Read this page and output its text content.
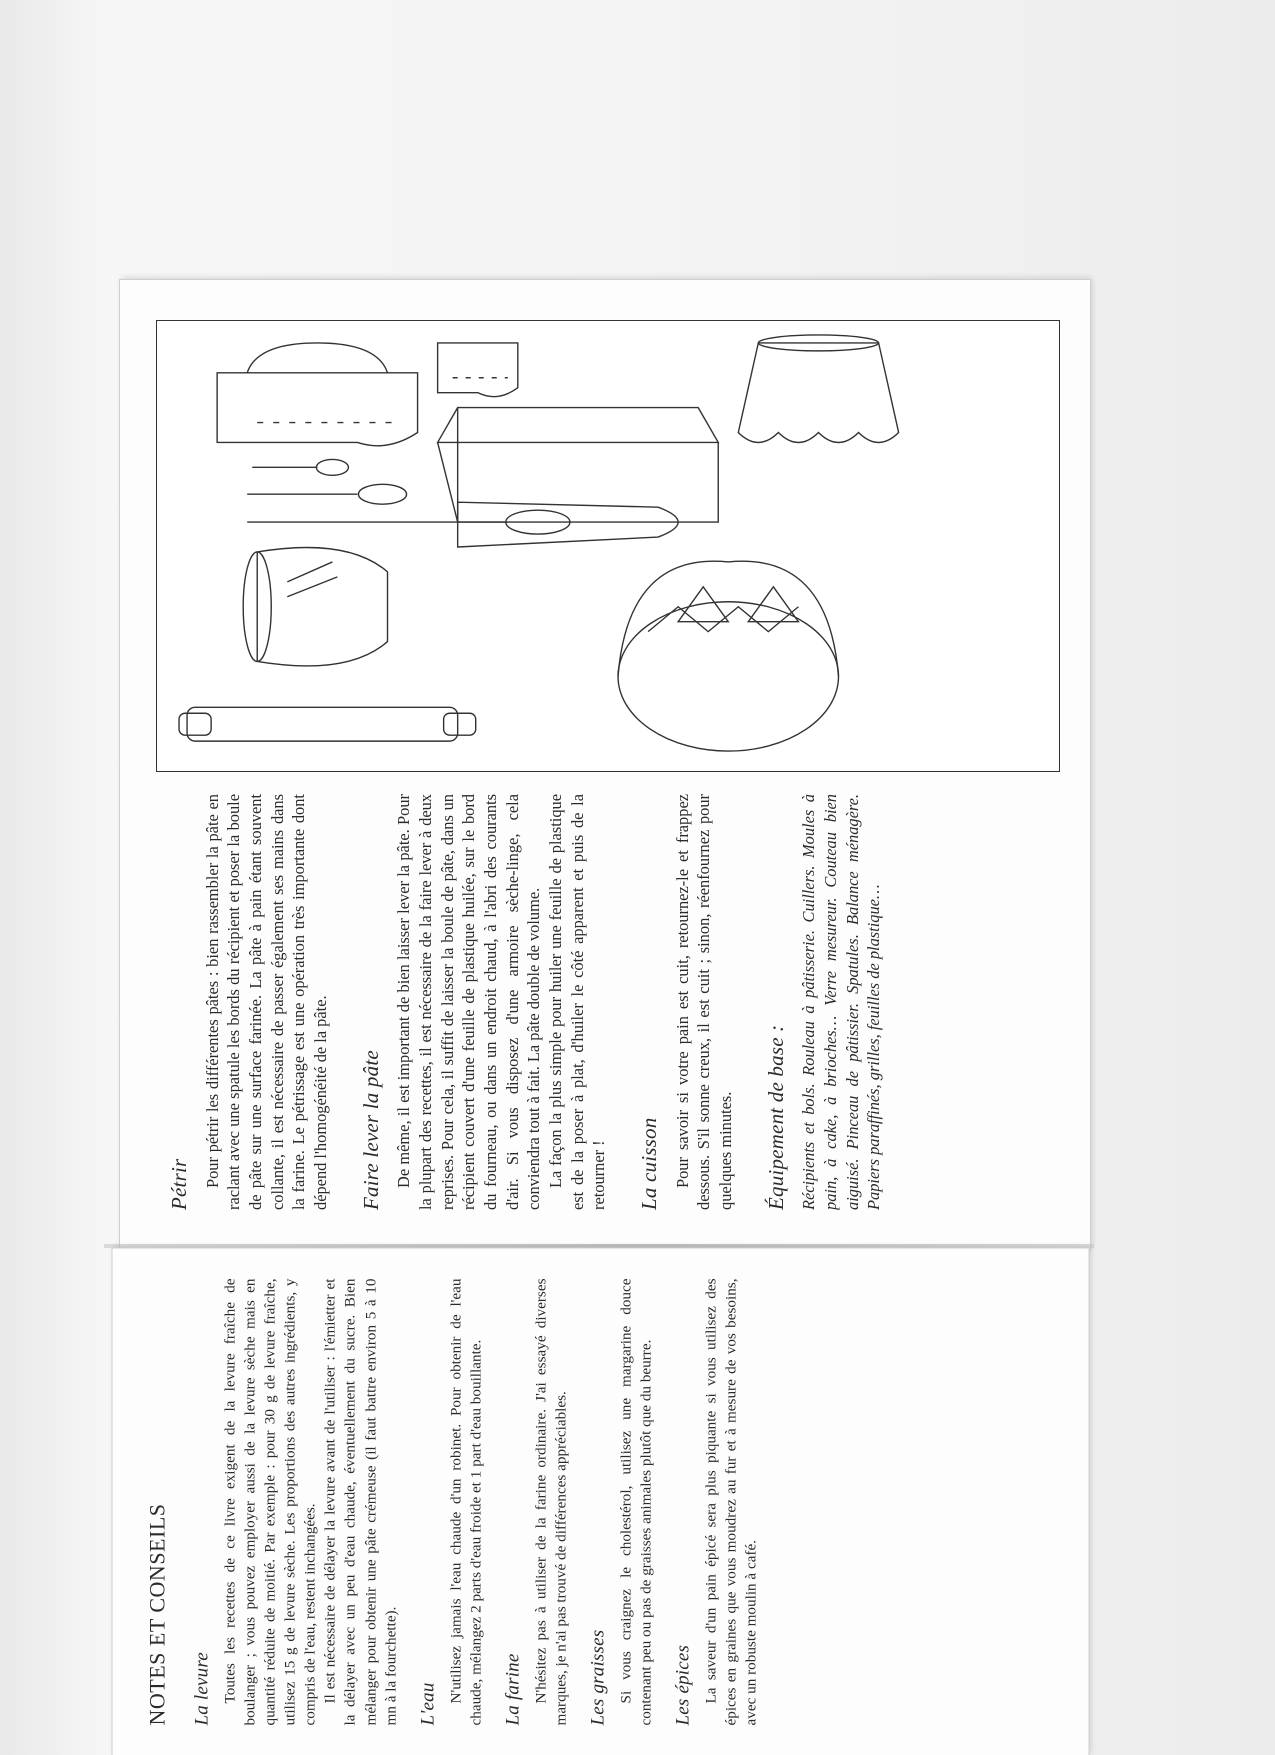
Pétrir Pour pétrir les différentes pâtes : bien rassembler la pâte en raclant avec une spatule les bords du récipient et poser la boule de pâte sur une surface farinée. La pâte à pain étant souvent collante, il est nécessaire de passer également ses mains dans la farine. Le pétrissage est une opération très importante dont dépend l'homogénéité de la pâte. Faire lever la pâte De même, il est important de bien laisser lever la pâte. Pour la plupart des recettes, il est nécessaire de la faire lever à deux reprises. Pour cela, il suffit de laisser la boule de pâte, dans un récipient couvert d'une feuille de plastique huilée, sur le bord du fourneau, ou dans un endroit chaud, à l'abri des courants d'air. Si vous disposez d'une armoire sèche-linge, cela conviendra tout à fait. La pâte double de volume. La façon la plus simple pour huiler une feuille de plastique est de la poser à plat, d'huiler le côté apparent et puis de la retourner ! La cuisson Pour savoir si votre pain est cuit, retournez-le et frappez dessous. S'il sonne creux, il est cuit ; sinon, réenfournez pour quelques minutes. Équipement de base : Récipients et bols. Rouleau à pâtisserie. Cuillers. Moules à pain, à cake, à brioches… Verre mesureur. Couteau bien aiguisé. Pinceau de pâtissier. Spatules. Balance ménagère. Papiers paraffinés, grilles, feuilles de plastique…

NOTES ET CONSEILS La levure Toutes les recettes de ce livre exigent de la levure fraîche de boulanger ; vous pouvez employer aussi de la levure sèche mais en quantité réduite de moitié. Par exemple : pour 30 g de levure fraîche, utilisez 15 g de levure sèche. Les proportions des autres ingrédients, y compris de l'eau, restent inchangées. Il est nécessaire de délayer la levure avant de l'utiliser : l'émietter et la délayer avec un peu d'eau chaude, éventuellement du sucre. Bien mélanger pour obtenir une pâte crémeuse (il faut battre environ 5 à 10 mn à la fourchette). L'eau

N'utilisez jamais l'eau chaude d'un robinet. Pour obtenir de l'eau chaude, mélangez 2 parts d'eau froide et 1 part d'eau bouillante. La farine N'hésitez pas à utiliser de la farine ordinaire. J'ai essayé diverses marques, je n'ai pas trouvé de différences appréciables. Les graisses Si vous craignez le cholestérol, utilisez une margarine douce contenant peu ou pas de graisses animales plutôt que du beurre. Les épices La saveur d'un pain épicé sera plus piquante si vous utilisez des épices en graines que vous moudrez au fur et à mesure de vos besoins, avec un robuste moulin à café.
